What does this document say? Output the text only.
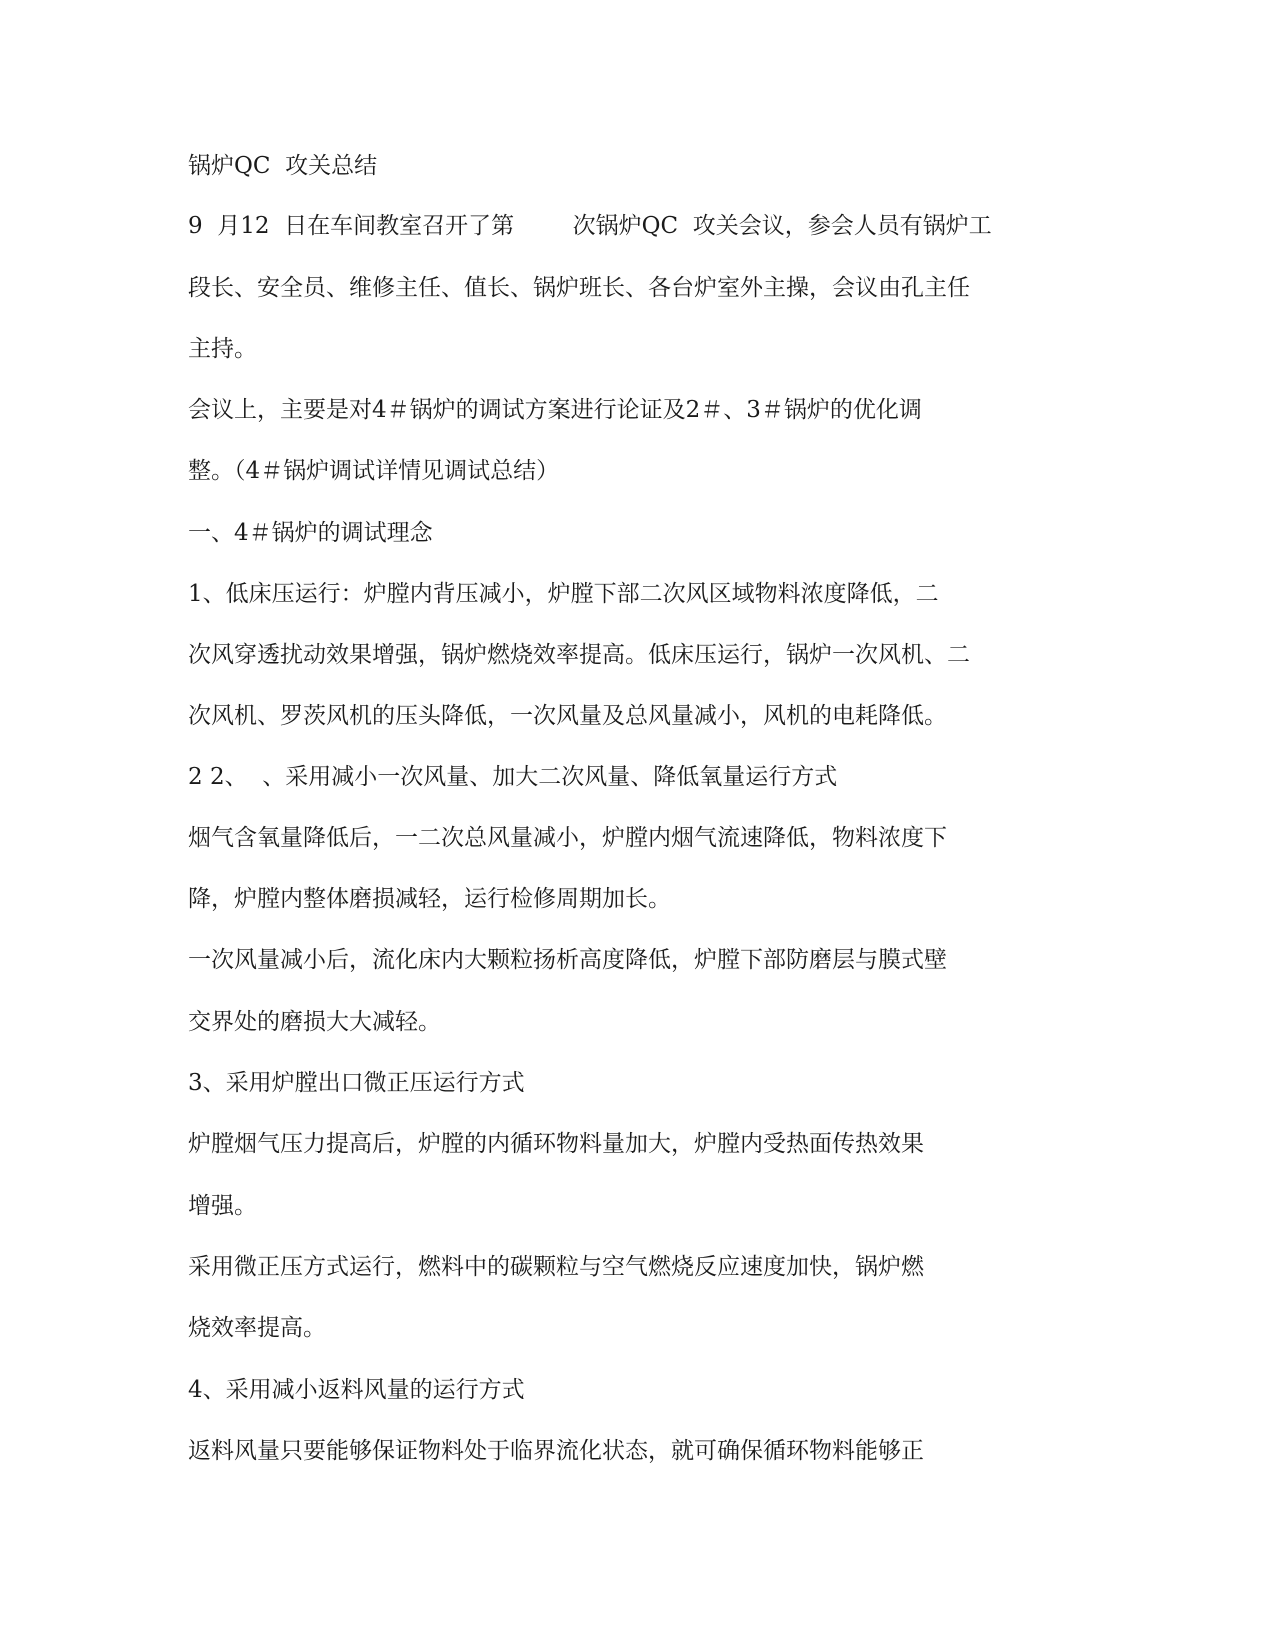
锅炉QC  攻关总结

9  月12  日在车间教室召开了第        次锅炉QC  攻关会议，参会人员有锅炉工

段长、安全员、维修主任、值长、锅炉班长、各台炉室外主操，会议由孔主任

主持。

会议上，主要是对4＃锅炉的调试方案进行论证及2＃、3＃锅炉的优化调

整。（4＃锅炉调试详情见调试总结）

一、4＃锅炉的调试理念

1、低床压运行：炉膛内背压减小，炉膛下部二次风区域物料浓度降低，二

次风穿透扰动效果增强，锅炉燃烧效率提高。低床压运行，锅炉一次风机、二

次风机、罗茨风机的压头降低，一次风量及总风量减小，风机的电耗降低。

2 2、  、采用减小一次风量、加大二次风量、降低氧量运行方式

烟气含氧量降低后，一二次总风量减小，炉膛内烟气流速降低，物料浓度下

降，炉膛内整体磨损减轻，运行检修周期加长。

一次风量减小后，流化床内大颗粒扬析高度降低，炉膛下部防磨层与膜式壁

交界处的磨损大大减轻。

3、采用炉膛出口微正压运行方式

炉膛烟气压力提高后，炉膛的内循环物料量加大，炉膛内受热面传热效果

增强。

采用微正压方式运行，燃料中的碳颗粒与空气燃烧反应速度加快，锅炉燃

烧效率提高。

4、采用减小返料风量的运行方式

返料风量只要能够保证物料处于临界流化状态，就可确保循环物料能够正
